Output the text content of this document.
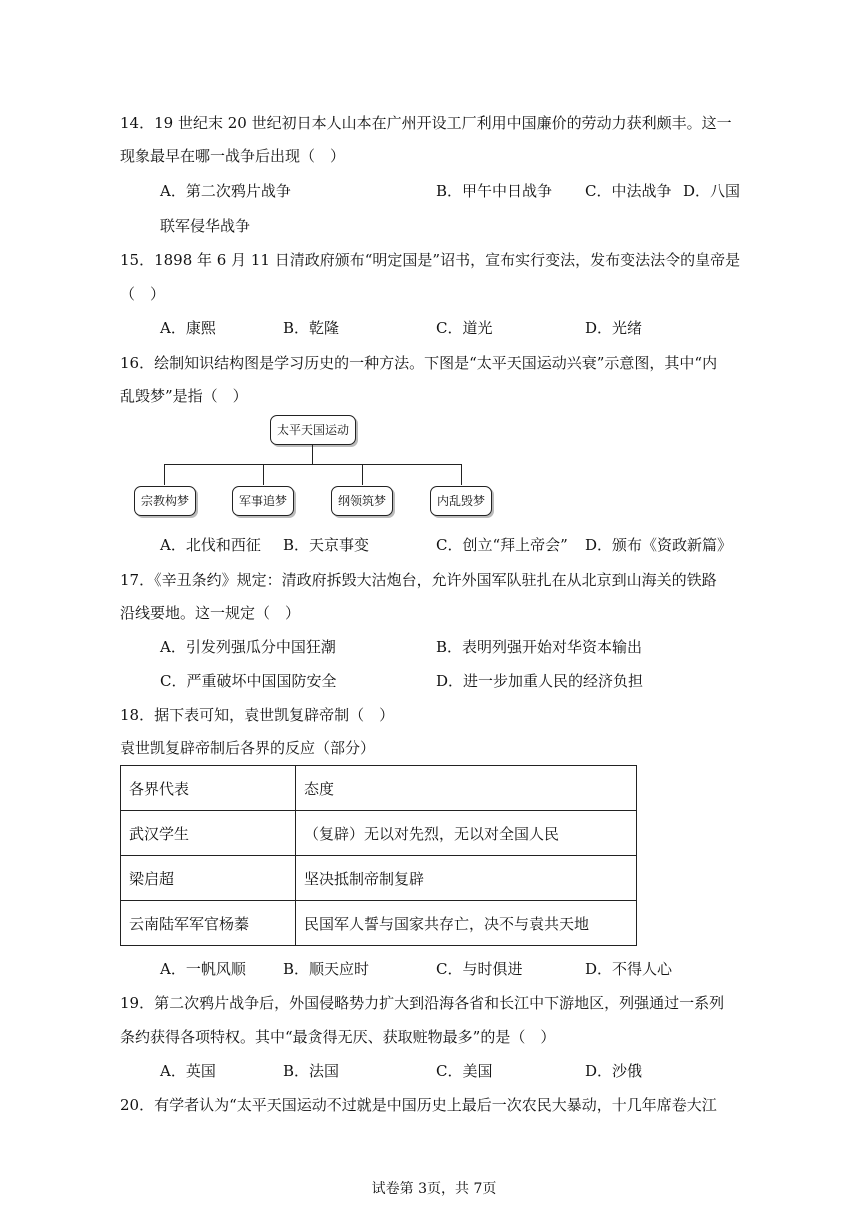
14．19 世纪末 20 世纪初日本人山本在广州开设工厂利用中国廉价的劳动力获利颇丰。这一
现象最早在哪一战争后出现（　）
A．第二次鸦片战争	B．甲午中日战争 C．中法战争 D．八国
联军侵华战争
15．1898 年 6 月 11 日清政府颁布“明定国是”诏书，宣布实行变法，发布变法法令的皇帝是
（　）
A．康熙	B．乾隆	C．道光	D．光绪
16．绘制知识结构图是学习历史的一种方法。下图是“太平天国运动兴衰”示意图，其中“内
乱毁梦”是指（　）
太平天国运动
宗教构梦	军事追梦	纲领筑梦	内乱毁梦
A．北伐和西征 B．天京事变	C．创立“拜上帝会” D．颁布《资政新篇》
17．《辛丑条约》规定：清政府拆毁大沽炮台，允许外国军队驻扎在从北京到山海关的铁路
沿线要地。这一规定（　）
A．引发列强瓜分中国狂潮	B．表明列强开始对华资本输出
C．严重破坏中国国防安全	D．进一步加重人民的经济负担
18．据下表可知，袁世凯复辟帝制（　）
袁世凯复辟帝制后各界的反应（部分）
各界代表	态度
武汉学生	（复辟）无以对先烈，无以对全国人民
梁启超	坚决抵制帝制复辟
云南陆军军官杨蓁	民国军人誓与国家共存亡，决不与袁共天地
A．一帆风顺 B．顺天应时	C．与时俱进	D．不得人心
19．第二次鸦片战争后，外国侵略势力扩大到沿海各省和长江中下游地区，列强通过一系列
条约获得各项特权。其中“最贪得无厌、获取赃物最多”的是（　）
A．英国	B．法国	C．美国	D．沙俄
20．有学者认为“太平天国运动不过就是中国历史上最后一次农民大暴动，十几年席卷大江
试卷第 3页，共 7页
